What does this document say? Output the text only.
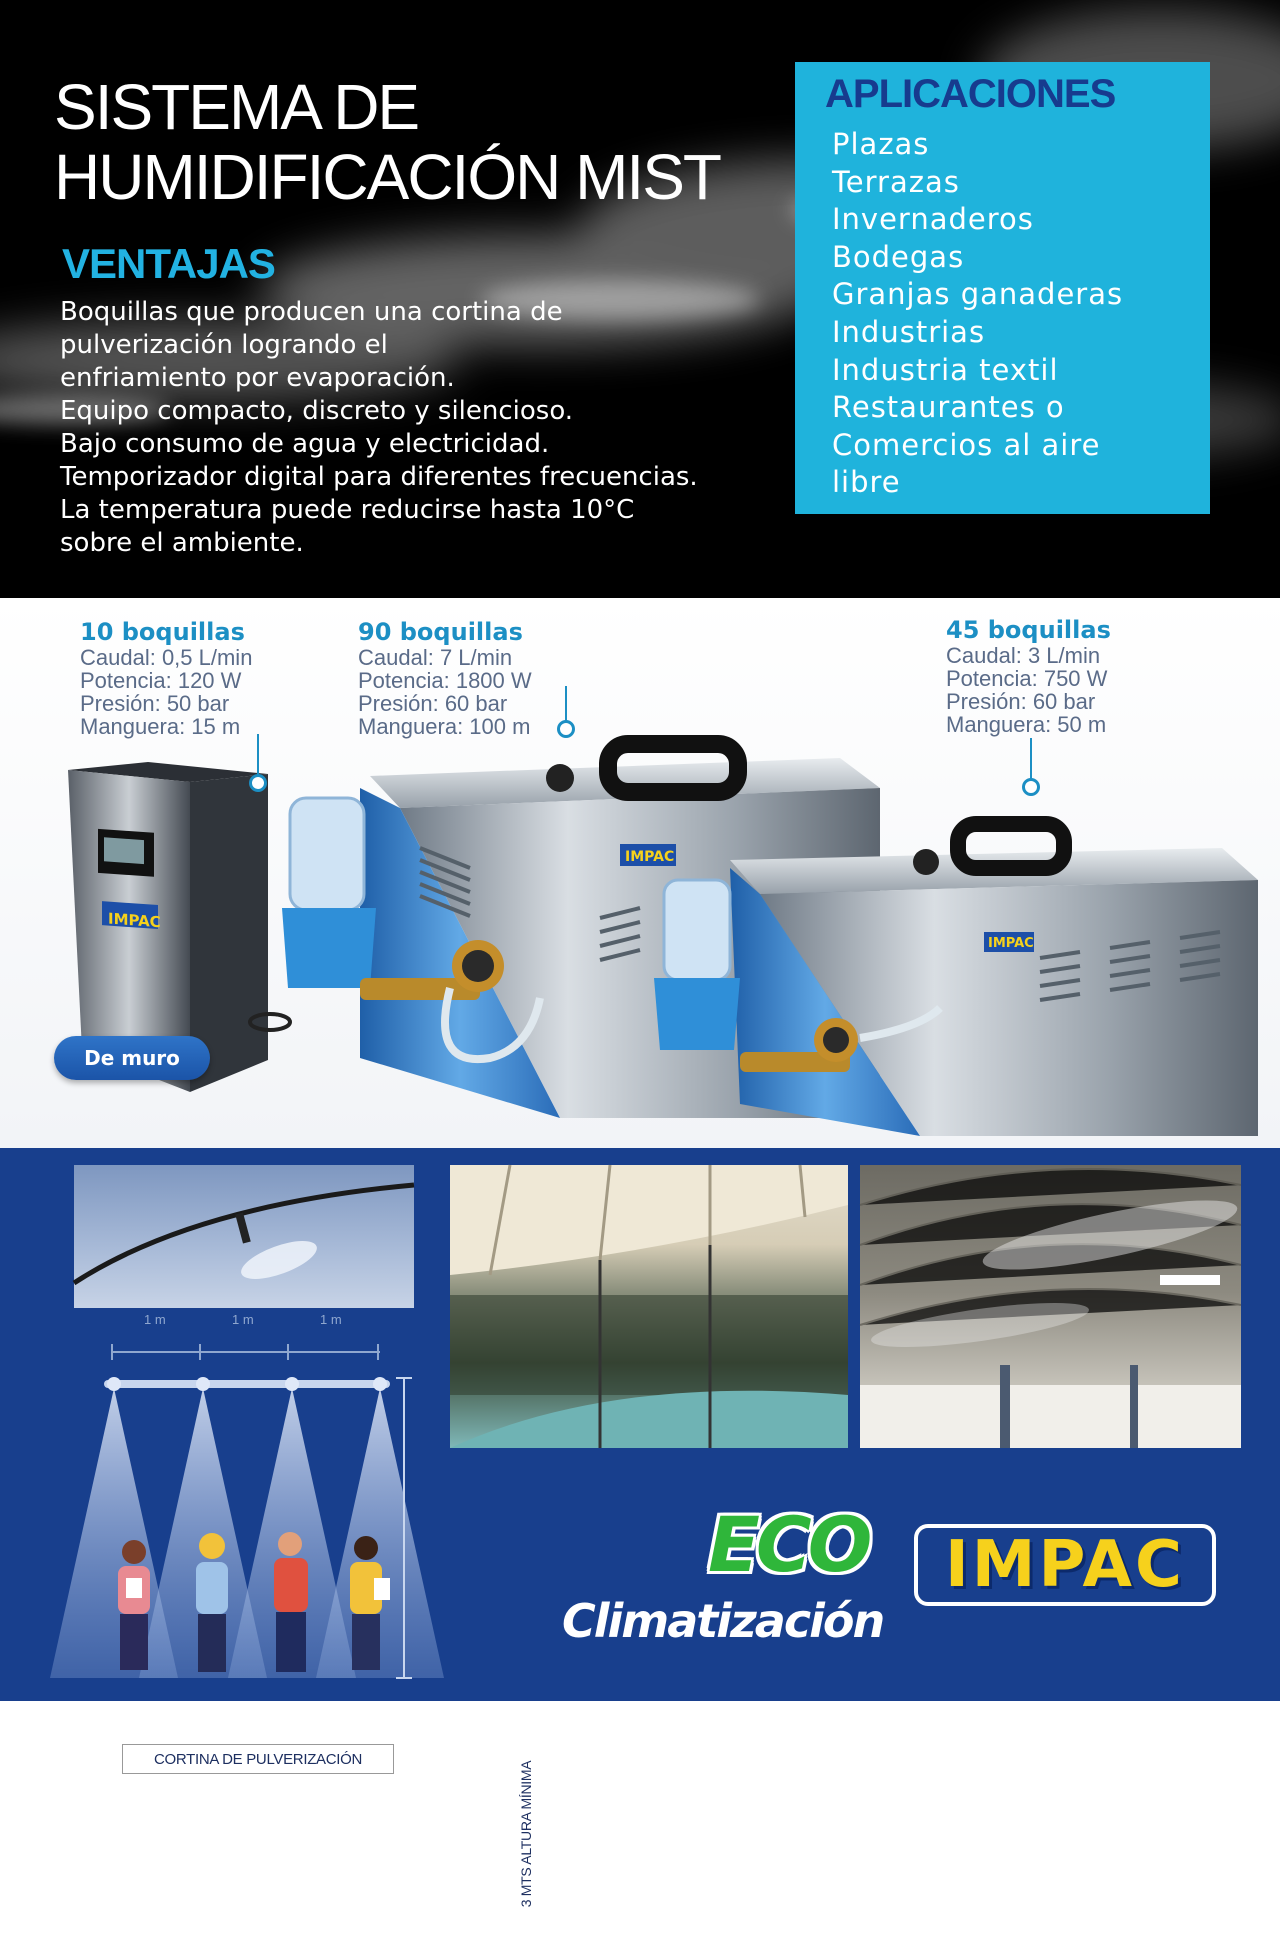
SISTEMA DE
HUMIDIFICACIÓN MIST
VENTAJAS
Boquillas que producen una cortina de
pulverización logrando el
enfriamiento por evaporación.
Equipo compacto, discreto y silencioso.
Bajo consumo de agua y electricidad.
Temporizador digital para diferentes frecuencias.
La temperatura puede reducirse hasta 10°C
sobre el ambiente.
APLICACIONES
Plazas
Terrazas
Invernaderos
Bodegas
Granjas ganaderas
Industrias
Industria textil
Restaurantes o
Comercios al aire
libre
IMPAC
IMPAC
IMPAC
10 boquillas
Caudal: 0,5 L/min
Potencia: 120 W
Presión: 50 bar
Manguera: 15 m
90 boquillas
Caudal: 7 L/min
Potencia: 1800 W
Presión: 60 bar
Manguera: 100 m
45 boquillas
Caudal: 3 L/min
Potencia: 750 W
Presión: 60 bar
Manguera: 50 m
De muro
1 m	1 m	1 m
CORTINA DE PULVERIZACIÓN
3 MTS ALTURA MÍNIMA
ECO
Climatización
IMPAC
